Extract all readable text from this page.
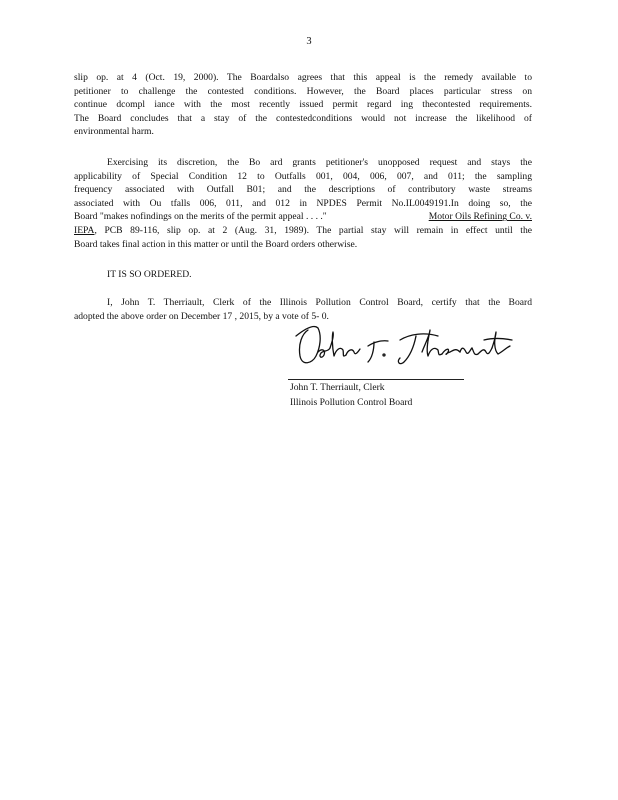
3
slip op. at 4 (Oct. 19, 2000). The Boardalso agrees that this appeal is the remedy available to
petitioner to challenge the contested conditions. However, the Board places particular stress on
continue dcompl iance with the most recently issued permit regard ing thecontested requirements.
The Board concludes that a stay of the contestedconditions would not increase the likelihood of
environmental harm.
Exercising its discretion, the Bo ard grants petitioner's unopposed request and stays the
applicability of Special Condition 12 to Outfalls 001, 004, 006, 007, and 011; the sampling
frequency associated with Outfall B01; and the descriptions of contributory waste streams
associated with Ou tfalls 006, 011, and 012 in NPDES Permit No.IL0049191.In doing so, the
Board "makes nofindings on the merits of the permit appeal . . . ."	Motor Oils Refining Co. v.
IEPA , PCB 89-116, slip op. at 2 (Aug. 31, 1989). The partial stay will remain in effect until the
Board takes final action in this matter or until the Board orders otherwise.
IT IS SO ORDERED.
I, John T. Therriault, Clerk of the Illinois Pollution Control Board, certify that the Board
adopted the above order on December 17 , 2015, by a vote of 5- 0.
John T. Therriault, Clerk
Illinois Pollution Control Board
